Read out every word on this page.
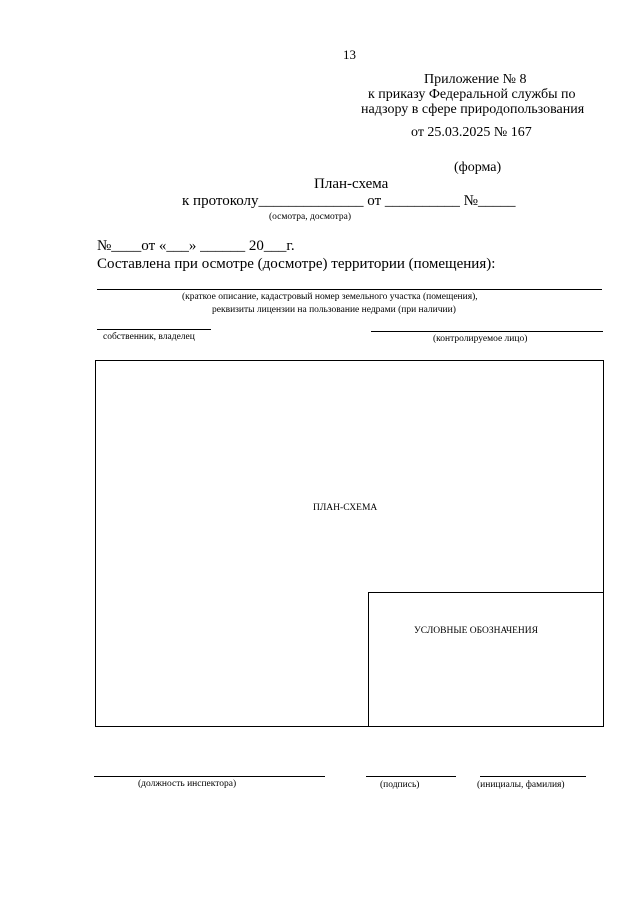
13
Приложение № 8
к приказу Федеральной службы по
надзору в сфере природопользования
от 25.03.2025 № 167
(форма)
План-схема
к протоколу______________ от __________ №_____
(осмотра, досмотра)
№____от «___» ______ 20___г.
Составлена при осмотре (досмотре) территории (помещения):
(краткое описание, кадастровый номер земельного участка (помещения),
реквизиты лицензии на пользование недрами (при наличии)
собственник, владелец	(контролируемое лицо)
ПЛАН-СХЕМА
УСЛОВНЫЕ ОБОЗНАЧЕНИЯ
(должность инспектора)	(подпись)	(инициалы, фамилия)
